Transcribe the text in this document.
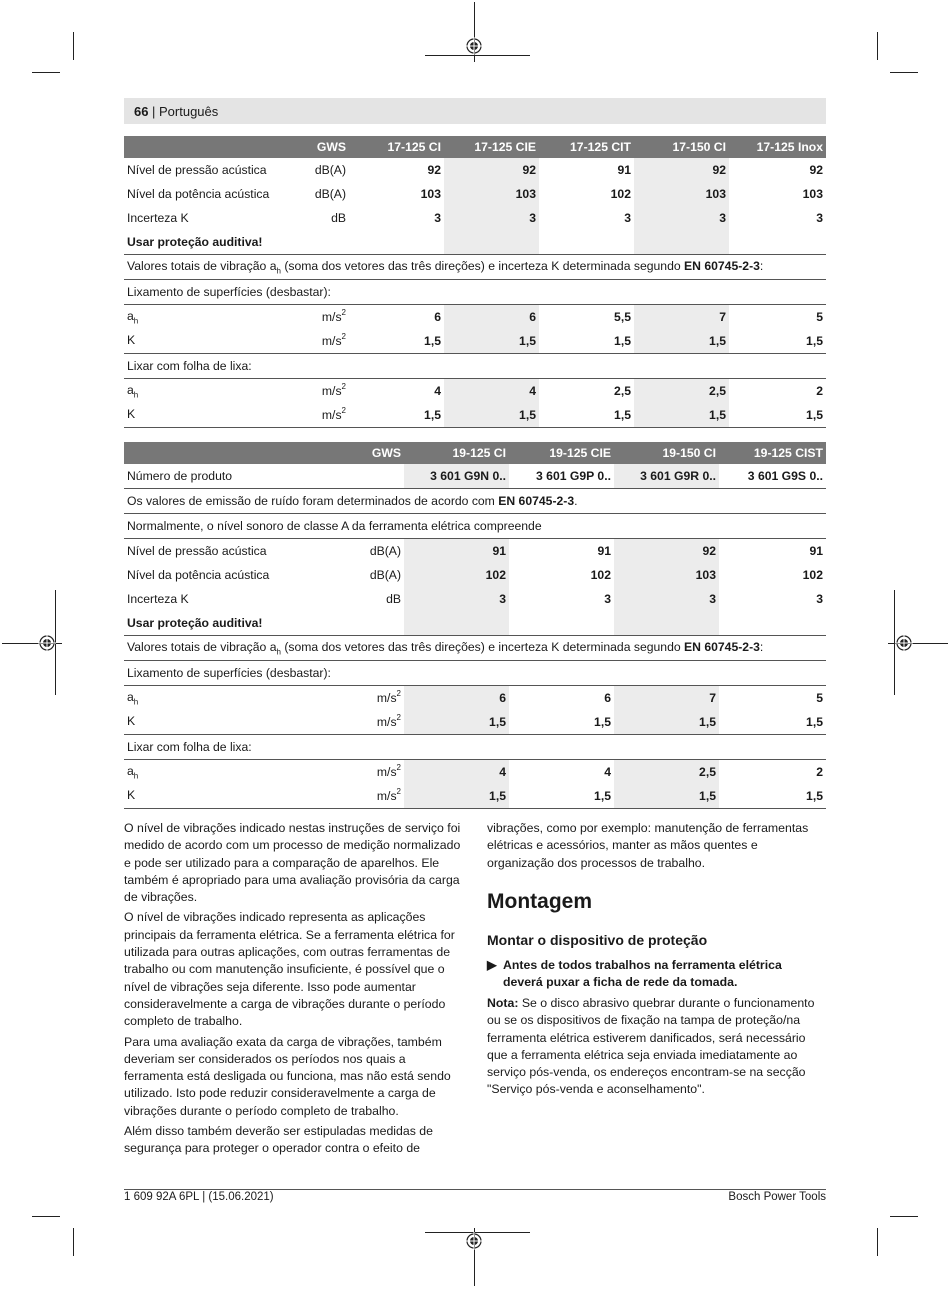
66 | Português
	GWS	17-125 CI	17-125 CIE	17-125 CIT	17-150 CI	17-125 Inox
Nível de pressão acústica	dB(A)	92	92	91	92	92
Nível da potência acústica	dB(A)	103	103	102	103	103
Incerteza K	dB	3	3	3	3	3
Usar proteção auditiva!						
Valores totais de vibração $a_h$ (soma dos vetores das três direções) e incerteza K determinada segundo EN 60745-2-3:						
Lixamento de superfícies (desbastar):						
$a_h$	$m/s^2$	6	6	5,5	7	5
K	$m/s^2$	1,5	1,5	1,5	1,5	1,5
Lixar com folha de lixa:						
$a_h$	$m/s^2$	4	4	2,5	2,5	2
K	$m/s^2$	1,5	1,5	1,5	1,5	1,5
	GWS	19-125 CI	19-125 CIE	19-150 CI	19-125 CIST
Número de produto		3 601 G9N 0..	3 601 G9P 0..	3 601 G9R 0..	3 601 G9S 0..
Os valores de emissão de ruído foram determinados de acordo com EN 60745-2-3.					
Normalmente, o nível sonoro de classe A da ferramenta elétrica compreende					
Nível de pressão acústica	dB(A)	91	91	92	91
Nível da potência acústica	dB(A)	102	102	103	102
Incerteza K	dB	3	3	3	3
Usar proteção auditiva!					
Valores totais de vibração $a_h$ (soma dos vetores das três direções) e incerteza K determinada segundo EN 60745-2-3:					
Lixamento de superfícies (desbastar):					
$a_h$	$m/s^2$	6	6	7	5
K	$m/s^2$	1,5	1,5	1,5	1,5
Lixar com folha de lixa:					
$a_h$	$m/s^2$	4	4	2,5	2
K	$m/s^2$	1,5	1,5	1,5	1,5

O nível de vibrações indicado nestas instruções de serviço foi medido de acordo com um processo de medição normalizado e pode ser utilizado para a comparação de aparelhos. Ele também é apropriado para uma avaliação provisória da carga de vibrações.

O nível de vibrações indicado representa as aplicações principais da ferramenta elétrica. Se a ferramenta elétrica for utilizada para outras aplicações, com outras ferramentas de trabalho ou com manutenção insuficiente, é possível que o nível de vibrações seja diferente. Isso pode aumentar consideravelmente a carga de vibrações durante o período completo de trabalho.

Para uma avaliação exata da carga de vibrações, também deveriam ser considerados os períodos nos quais a ferramenta está desligada ou funciona, mas não está sendo utilizado. Isto pode reduzir consideravelmente a carga de vibrações durante o período completo de trabalho.

Além disso também deverão ser estipuladas medidas de segurança para proteger o operador contra o efeito de

vibrações, como por exemplo: manutenção de ferramentas elétricas e acessórios, manter as mãos quentes e organização dos processos de trabalho.

Montagem
Montar o dispositivo de proteção
▶ Antes de todos trabalhos na ferramenta elétrica deverá puxar a ficha de rede da tomada.
Nota: Se o disco abrasivo quebrar durante o funcionamento ou se os dispositivos de fixação na tampa de proteção/na ferramenta elétrica estiverem danificados, será necessário que a ferramenta elétrica seja enviada imediatamente ao serviço pós-venda, os endereços encontram-se na secção "Serviço pós-venda e aconselhamento".
1 609 92A 6PL | (15.06.2021)	Bosch Power Tools
